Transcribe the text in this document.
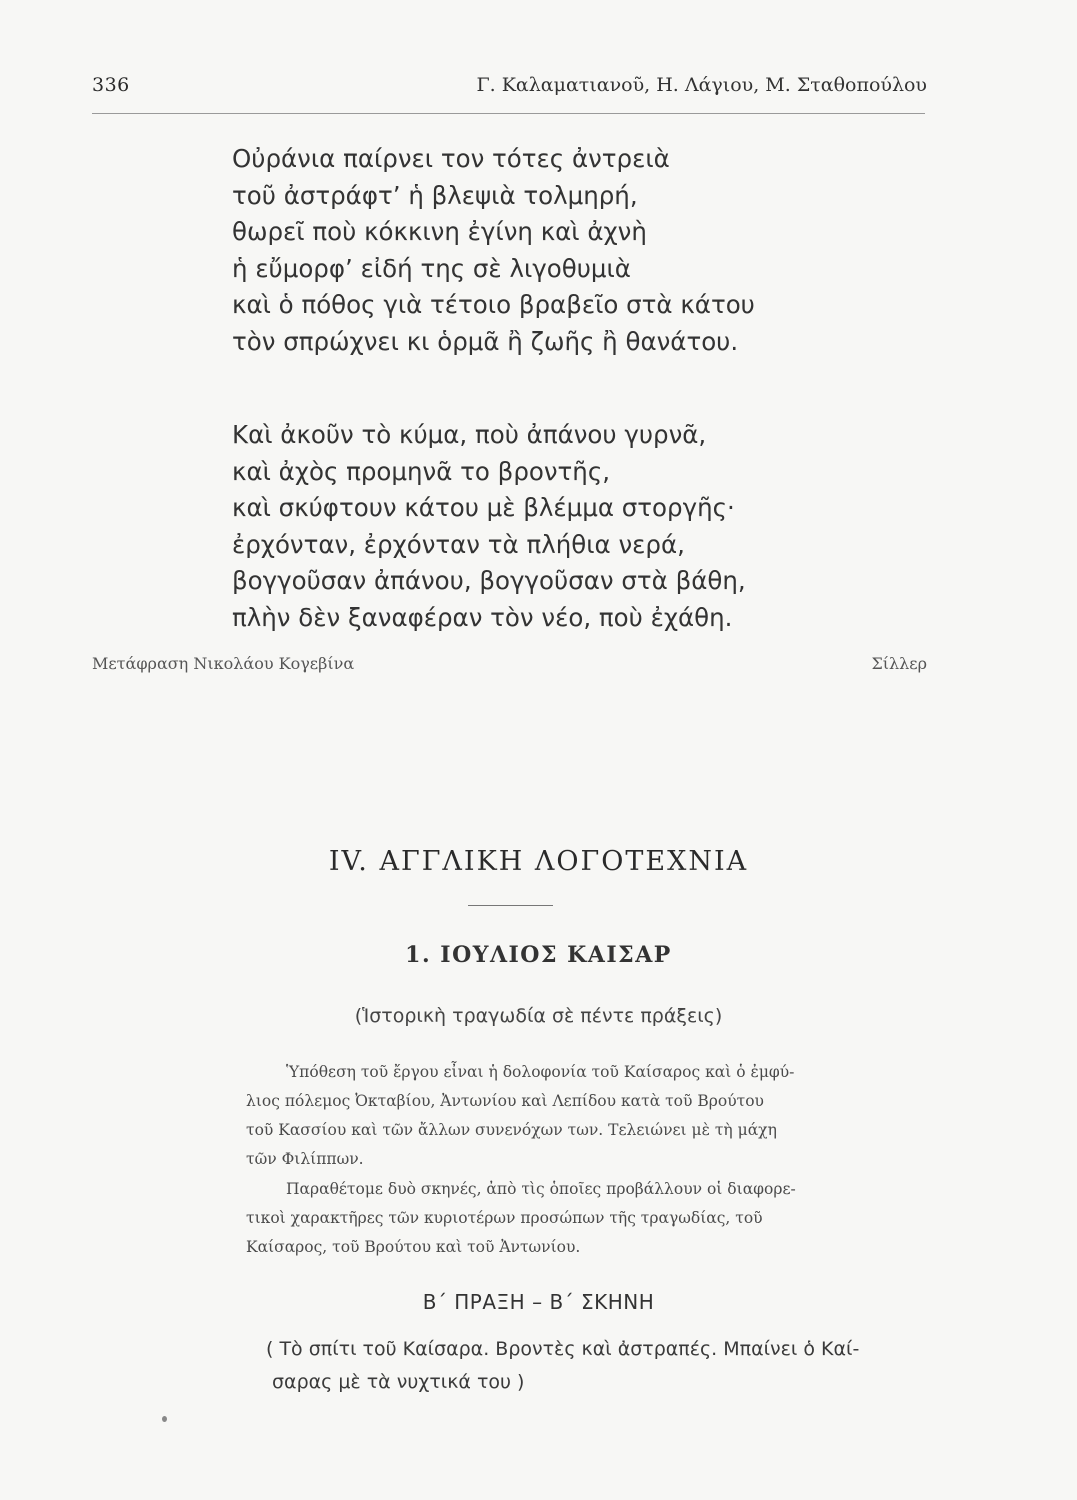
336	Γ. Καλαματιανοῦ, Η. Λάγιου, Μ. Σταθοπούλου
Οὐράνια παίρνει τον τότες ἀντρειὰ
τοῦ ἀστράφτ’ ἡ βλεψιὰ τολμηρή,
θωρεῖ ποὺ κόκκινη ἐγίνη καὶ ἀχνὴ
ἡ εὔμορφ’ εἰδή της σὲ λιγοθυμιὰ
καὶ ὁ πόθος γιὰ τέτοιο βραβεῖο στὰ κάτου
τὸν σπρώχνει κι ὁρμᾶ ἢ ζωῆς ἢ θανάτου.
Καὶ ἀκοῦν τὸ κύμα, ποὺ ἀπάνου γυρνᾶ,
καὶ ἀχὸς προμηνᾶ το βροντῆς,
καὶ σκύφτουν κάτου μὲ βλέμμα στοργῆς·
ἐρχόνταν, ἐρχόνταν τὰ πλήθια νερά,
βογγοῦσαν ἀπάνου, βογγοῦσαν στὰ βάθη,
πλὴν δὲν ξαναφέραν τὸν νέο, ποὺ ἐχάθη.
Μετάφραση Νικολάου Κογεβίνα	Σίλλερ
IV. ΑΓΓΛΙΚΗ ΛΟΓΟΤΕΧΝΙΑ
1. ΙΟΥΛΙΟΣ ΚΑΙΣΑΡ
(Ἱστορικὴ τραγωδία σὲ πέντε πράξεις)
Ὑπόθεση τοῦ ἔργου εἶναι ἡ δολοφονία τοῦ Καίσαρος καὶ ὁ ἐμφύ-
λιος πόλεμος Ὀκταβίου, Ἀντωνίου καὶ Λεπίδου κατὰ τοῦ Βρούτου
τοῦ Κασσίου καὶ τῶν ἄλλων συνενόχων των. Τελειώνει μὲ τὴ μάχη
τῶν Φιλίππων.
Παραθέτομε δυὸ σκηνές, ἀπὸ τὶς ὁποῖες προβάλλουν οἱ διαφορε-
τικοὶ χαρακτῆρες τῶν κυριοτέρων προσώπων τῆς τραγωδίας, τοῦ
Καίσαρος, τοῦ Βρούτου καὶ τοῦ Ἀντωνίου.
Β΄ ΠΡΑΞΗ – Β΄ ΣΚΗΝΗ
( Τὸ σπίτι τοῦ Καίσαρα. Βροντὲς καὶ ἀστραπές. Μπαίνει ὁ Καί-
σαρας μὲ τὰ νυχτικά του )
